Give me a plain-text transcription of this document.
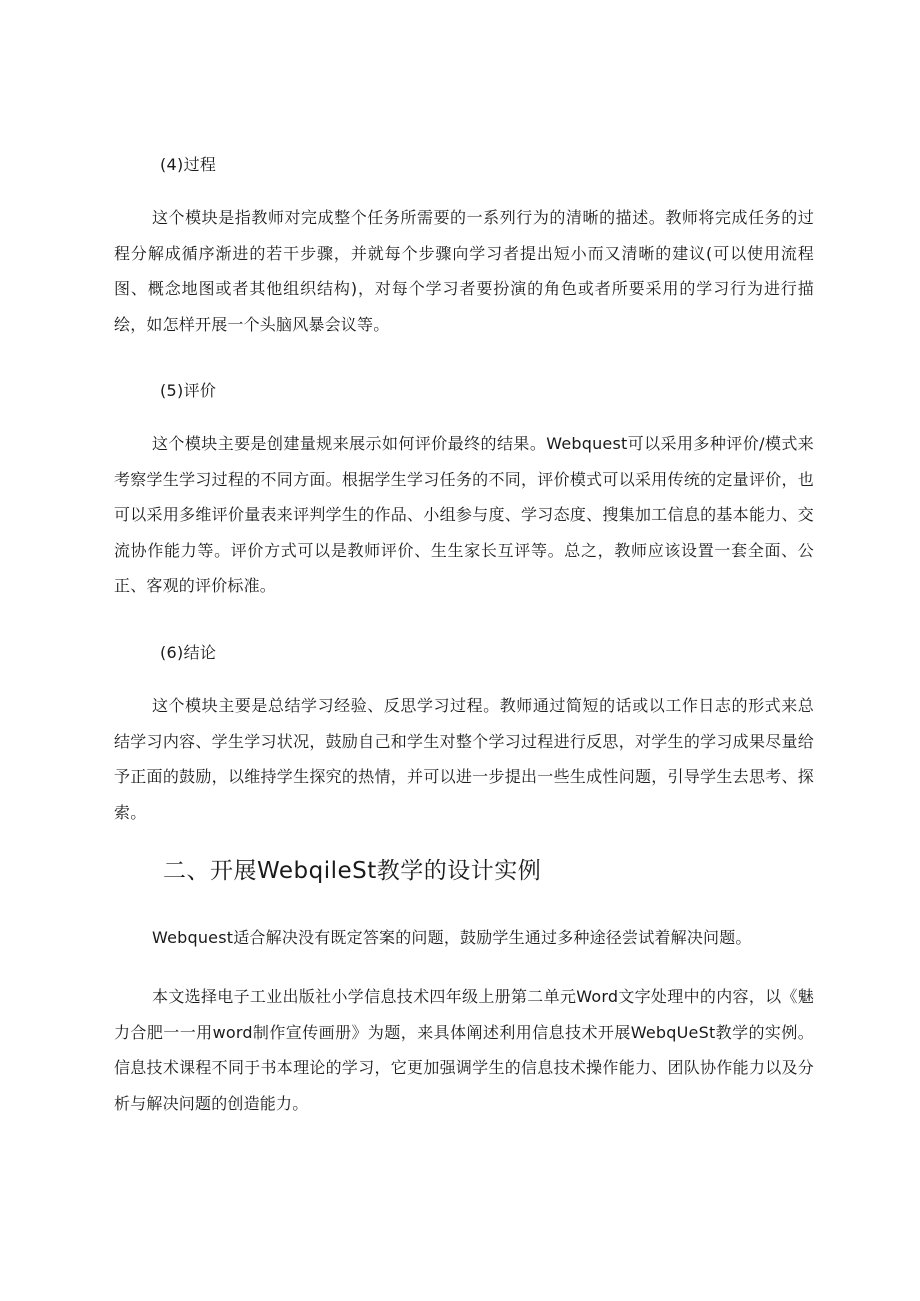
(4)过程

这个模块是指教师对完成整个任务所需要的一系列行为的清晰的描述。教师将完成任务的过程分解成循序渐进的若干步骤，并就每个步骤向学习者提出短小而又清晰的建议(可以使用流程图、概念地图或者其他组织结构)，对每个学习者要扮演的角色或者所要采用的学习行为进行描绘，如怎样开展一个头脑风暴会议等。

(5)评价

这个模块主要是创建量规来展示如何评价最终的结果。Webquest可以采用多种评价/模式来考察学生学习过程的不同方面。根据学生学习任务的不同，评价模式可以采用传统的定量评价，也可以采用多维评价量表来评判学生的作品、小组参与度、学习态度、搜集加工信息的基本能力、交流协作能力等。评价方式可以是教师评价、生生家长互评等。总之，教师应该设置一套全面、公正、客观的评价标准。

(6)结论

这个模块主要是总结学习经验、反思学习过程。教师通过简短的话或以工作日志的形式来总结学习内容、学生学习状况，鼓励自己和学生对整个学习过程进行反思，对学生的学习成果尽量给予正面的鼓励，以维持学生探究的热情，并可以进一步提出一些生成性问题，引导学生去思考、探索。

二、开展WebqileSt教学的设计实例

Webquest适合解决没有既定答案的问题，鼓励学生通过多种途径尝试着解决问题。

本文选择电子工业出版社小学信息技术四年级上册第二单元Word文字处理中的内容，以《魅力合肥一一用word制作宣传画册》为题，来具体阐述利用信息技术开展WebqUeSt教学的实例。信息技术课程不同于书本理论的学习，它更加强调学生的信息技术操作能力、团队协作能力以及分析与解决问题的创造能力。
